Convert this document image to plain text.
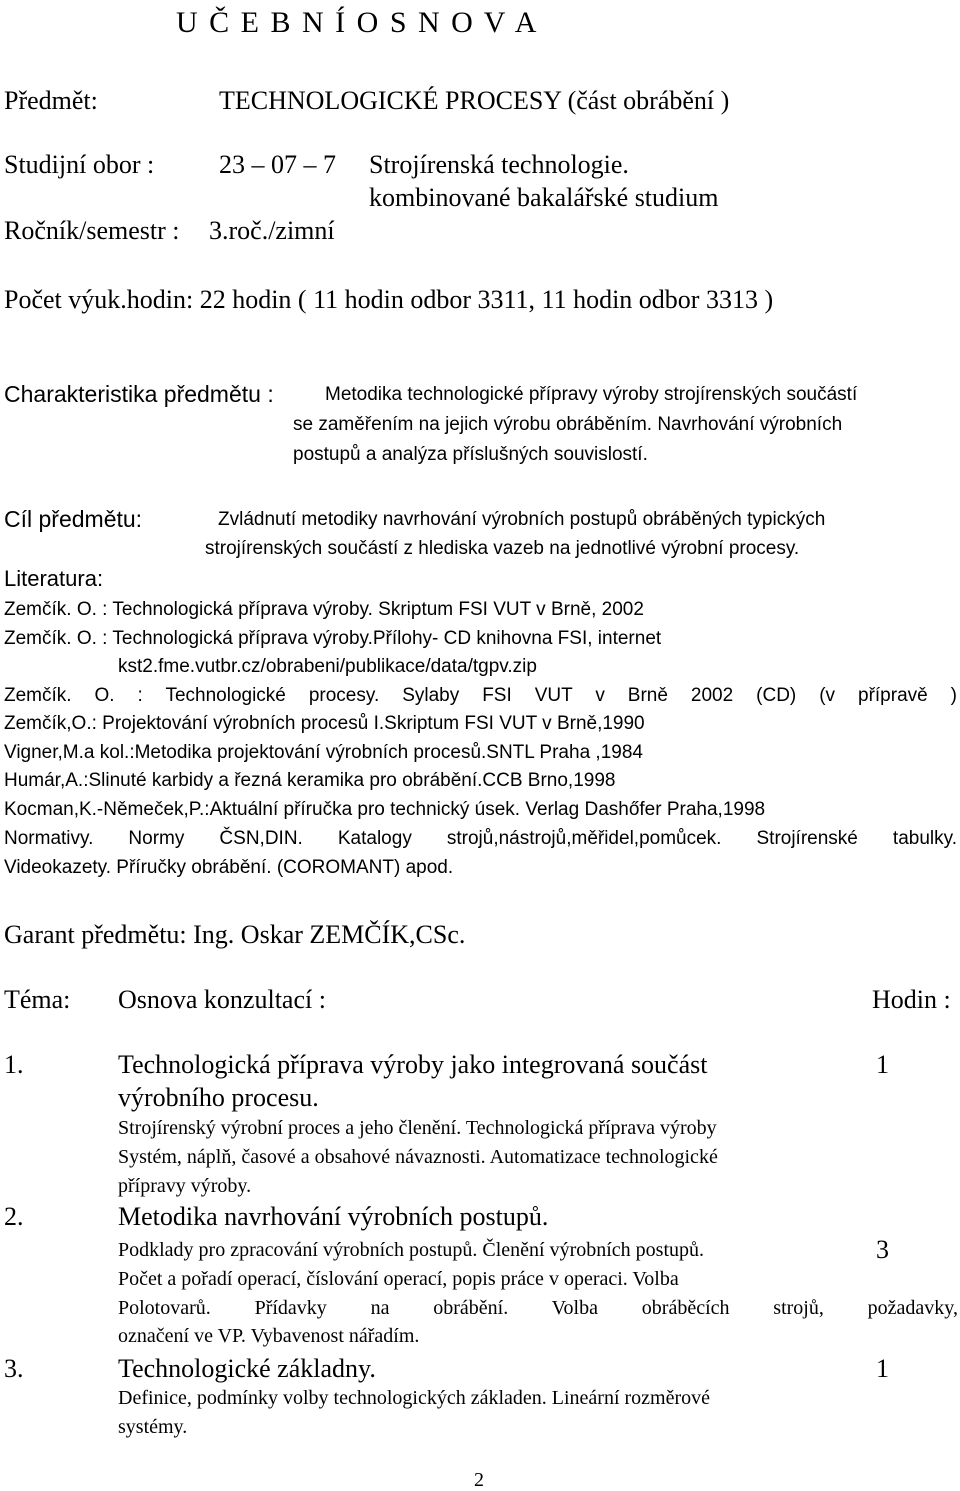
U Č E B N Í O S N O V A
Předmět:	TECHNOLOGICKÉ PROCESY (část obrábění )
Studijní obor : 23 – 07 – 7 Strojírenská technologie.
kombinované bakalářské studium
Ročník/semestr : 3.roč./zimní
Počet výuk.hodin: 22 hodin ( 11 hodin odbor 3311, 11 hodin odbor 3313 )
Charakteristika předmětu :	Metodika technologické přípravy výroby strojírenských součástí
se zaměřením na jejich výrobu obráběním. Navrhování výrobních
postupů a analýza příslušných souvislostí.
Cíl předmětu:	Zvládnutí metodiky navrhování výrobních postupů obráběných typických
strojírenských součástí z hlediska vazeb na jednotlivé výrobní procesy.
Literatura:
Zemčík. O. : Technologická příprava výroby. Skriptum FSI VUT v Brně, 2002
Zemčík. O. : Technologická příprava výroby.Přílohy- CD knihovna FSI, internet
kst2.fme.vutbr.cz/obrabeni/publikace/data/tgpv.zip
Zemčík. O. : Technologické procesy. Sylaby FSI VUT v Brně 2002 (CD) (v přípravě )
Zemčík,O.: Projektování výrobních procesů I.Skriptum FSI VUT v Brně,1990
Vigner,M.a kol.:Metodika projektování výrobních procesů.SNTL Praha ,1984
Humár,A.:Slinuté karbidy a řezná keramika pro obrábění.CCB Brno,1998
Kocman,K.-Němeček,P.:Aktuální příručka pro technický úsek. Verlag Dashőfer Praha,1998
Normativy. Normy ČSN,DIN. Katalogy strojů,nástrojů,měřidel,pomůcek. Strojírenské tabulky.
Videokazety. Příručky obrábění. (COROMANT) apod.
Garant předmětu: Ing. Oskar ZEMČÍK,CSc.
Téma: Osnova konzultací :	Hodin :
1.	Technologická příprava výroby jako integrovaná součást	1
výrobního procesu.
Strojírenský výrobní proces a jeho členění. Technologická příprava výroby
Systém, náplň, časové a obsahové návaznosti. Automatizace technologické
přípravy výroby.
2.	Metodika navrhování výrobních postupů.
Podklady pro zpracování výrobních postupů. Členění výrobních postupů.	3
Počet a pořadí operací, číslování operací, popis práce v operaci. Volba
Polotovarů. Přídavky na obrábění. Volba obráběcích strojů, požadavky,
označení ve VP. Vybavenost nářadím.
3.	Technologické základny.	1
Definice, podmínky volby technologických základen. Lineární rozměrové
systémy.
2
